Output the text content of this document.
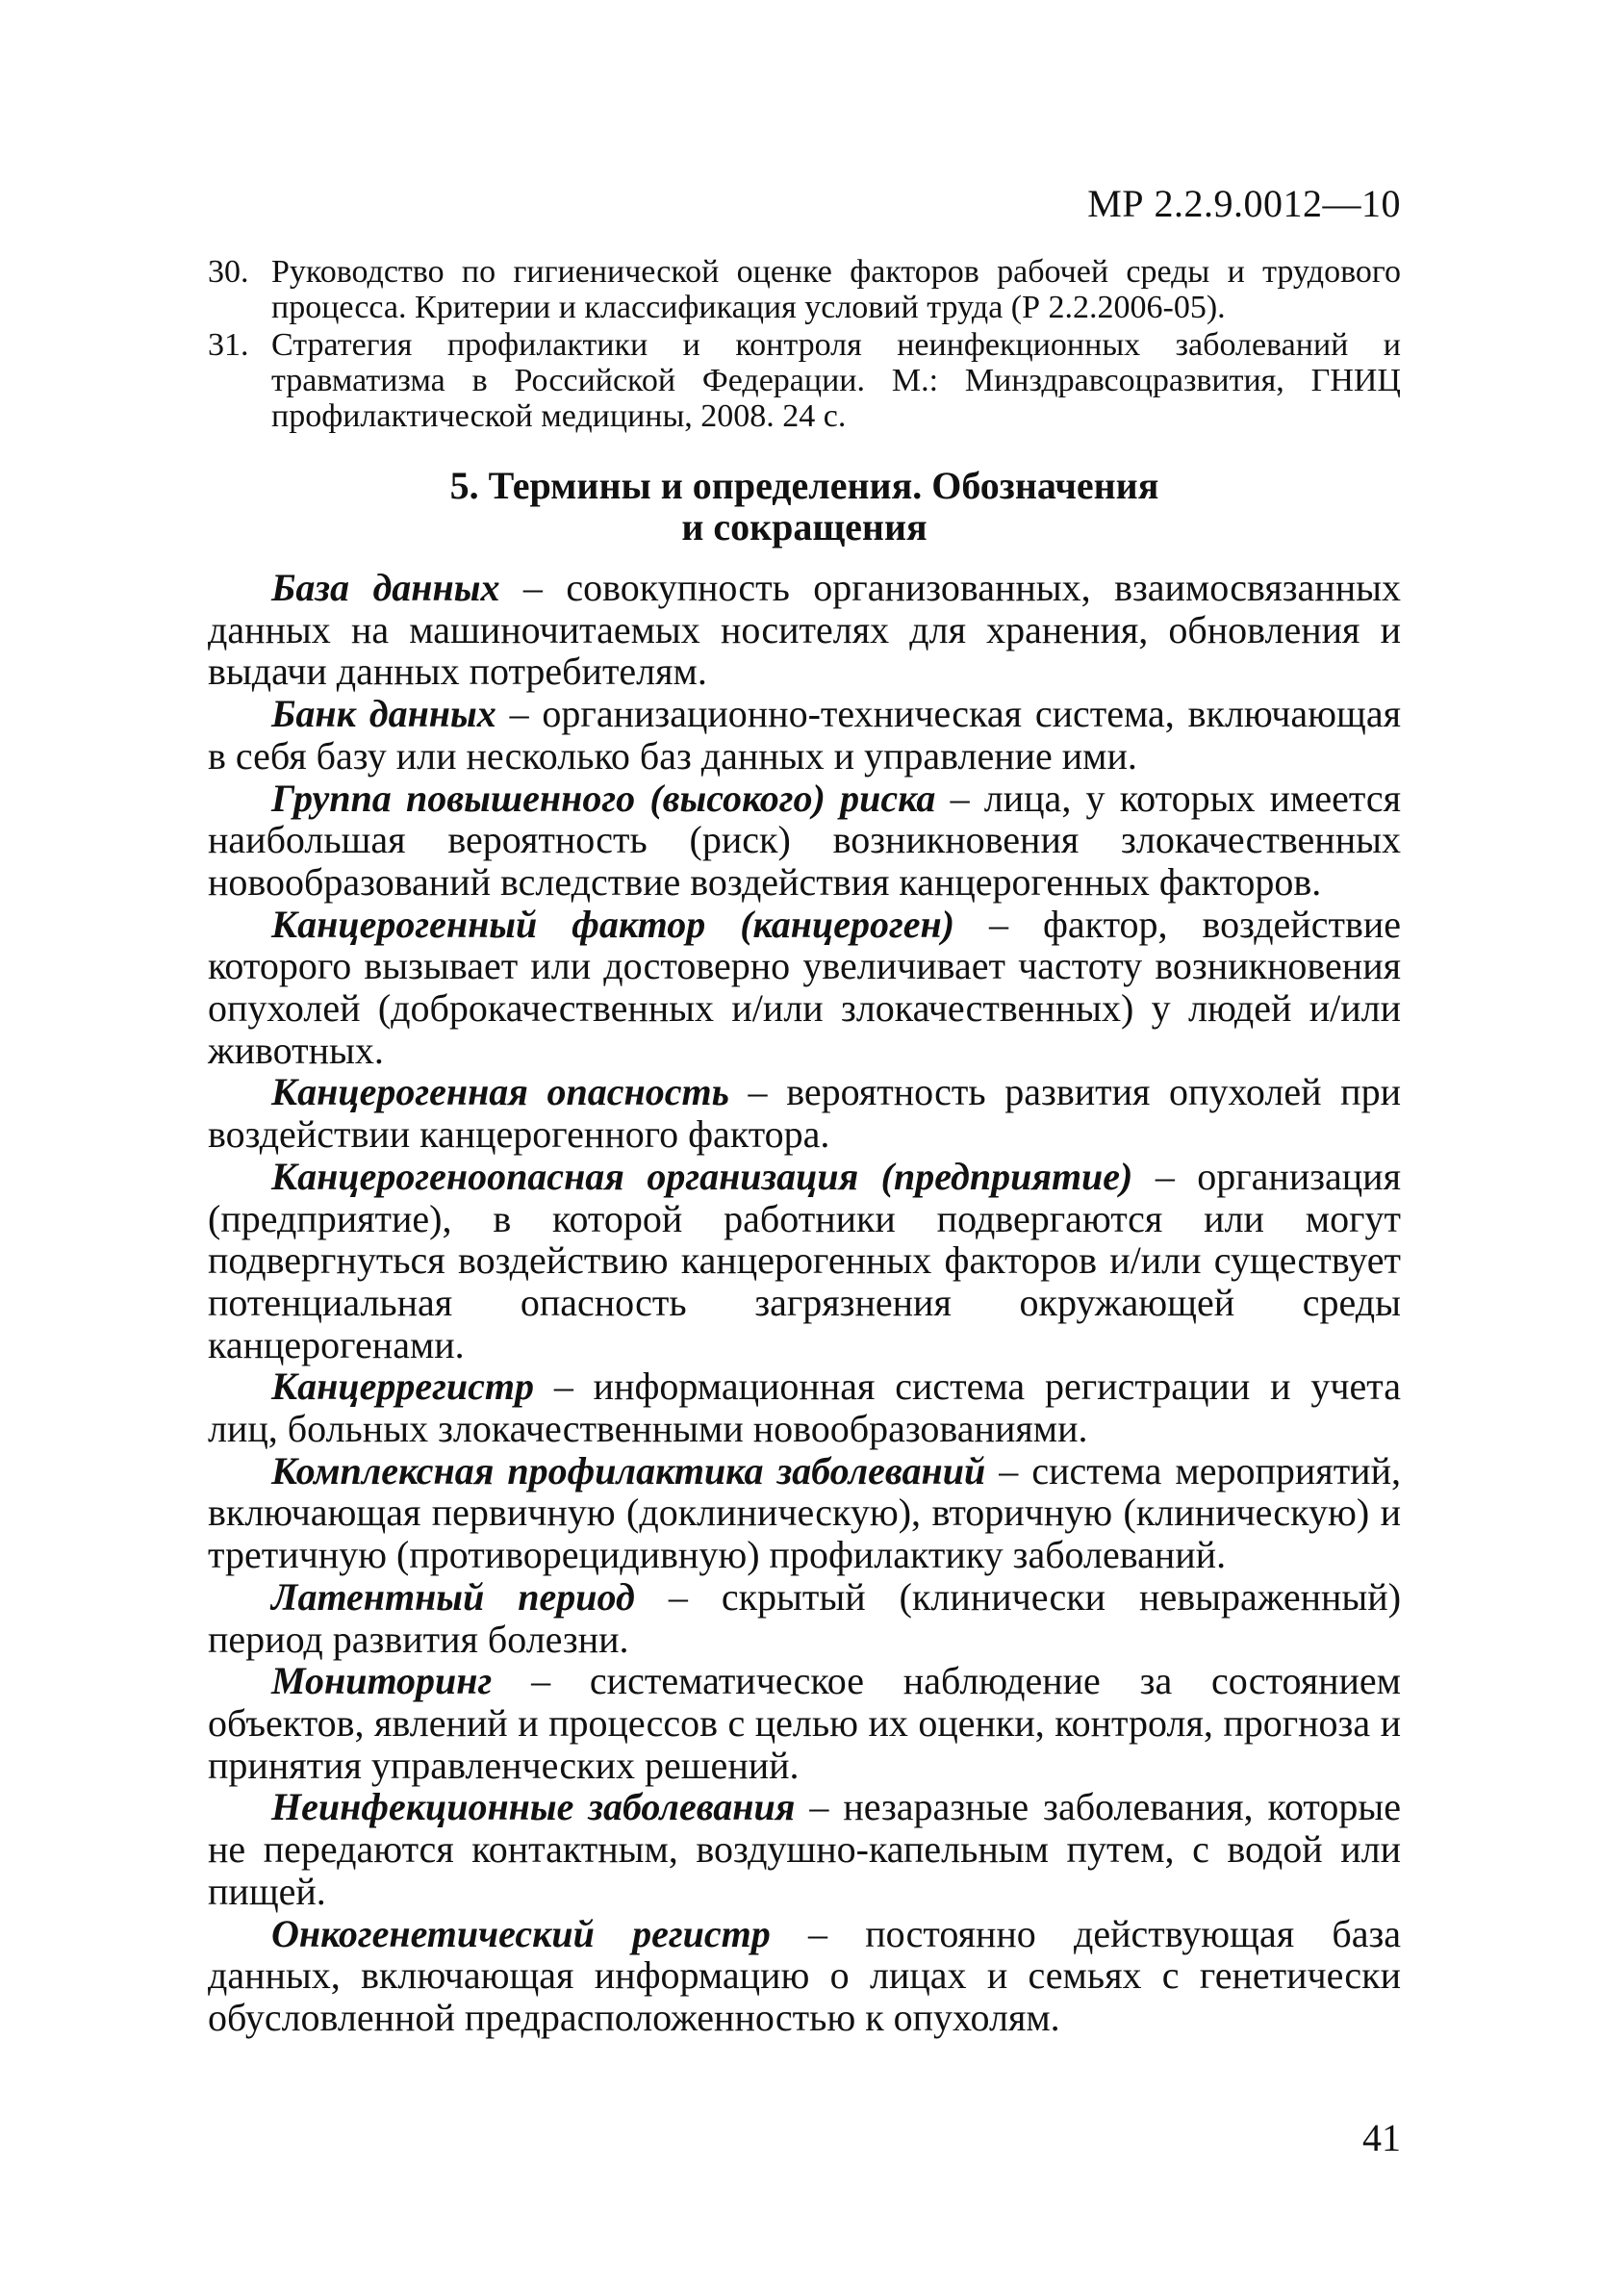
МР 2.2.9.0012—10
30. Руководство по гигиенической оценке факторов рабочей среды и трудового процесса. Критерии и классификация условий труда (Р 2.2.2006-05).
31. Стратегия профилактики и контроля неинфекционных заболеваний и травматизма в Российской Федерации. М.: Минздравсоцразвития, ГНИЦ профилактической медицины, 2008. 24 с.
5. Термины и определения. Обозначения
и сокращения

База данных – совокупность организованных, взаимосвязанных данных на машиночитаемых носителях для хранения, обновления и выдачи данных потребителям.

Банк данных – организационно-техническая система, включающая в себя базу или несколько баз данных и управление ими.

Группа повышенного (высокого) риска – лица, у которых имеется наибольшая вероятность (риск) возникновения злокачественных новообразований вследствие воздействия канцерогенных факторов.

Канцерогенный фактор (канцероген) – фактор, воздействие которого вызывает или достоверно увеличивает частоту возникновения опухолей (доброкачественных и/или злокачественных) у людей и/или животных.

Канцерогенная опасность – вероятность развития опухолей при воздействии канцерогенного фактора.

Канцерогеноопасная организация (предприятие) – организация (предприятие), в которой работники подвергаются или могут подвергнуться воздействию канцерогенных факторов и/или существует потенциальная опасность загрязнения окружающей среды канцерогенами.

Канцеррегистр – информационная система регистрации и учета лиц, больных злокачественными новообразованиями.

Комплексная профилактика заболеваний – система мероприятий, включающая первичную (доклиническую), вторичную (клиническую) и третичную (противорецидивную) профилактику заболеваний.

Латентный период – скрытый (клинически невыраженный) период развития болезни.

Мониторинг – систематическое наблюдение за состоянием объектов, явлений и процессов с целью их оценки, контроля, прогноза и принятия управленческих решений.

Неинфекционные заболевания – незаразные заболевания, которые не передаются контактным, воздушно-капельным путем, с водой или пищей.

Онкогенетический регистр – постоянно действующая база данных, включающая информацию о лицах и семьях с генетически обусловленной предрасположенностью к опухолям.

41
